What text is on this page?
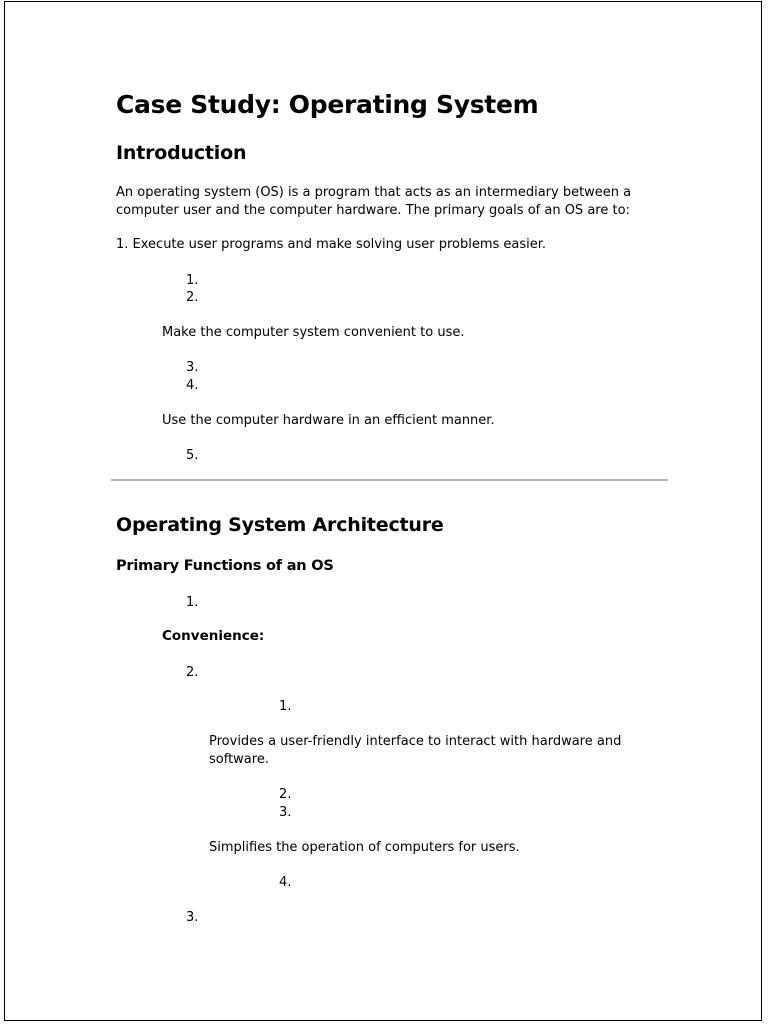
Case Study: Operating System
Introduction

An operating system (OS) is a program that acts as an intermediary between a computer user and the computer hardware. The primary goals of an OS are to:

1. Execute user programs and make solving user problems easier.

1.
2.

Make the computer system convenient to use.

3.
4.

Use the computer hardware in an efficient manner.

5.
Operating System Architecture
Primary Functions of an OS
1.
Convenience:
2.
1.

Provides a user-friendly interface to interact with hardware and software.

2.
3.

Simplifies the operation of computers for users.

4.
3.
